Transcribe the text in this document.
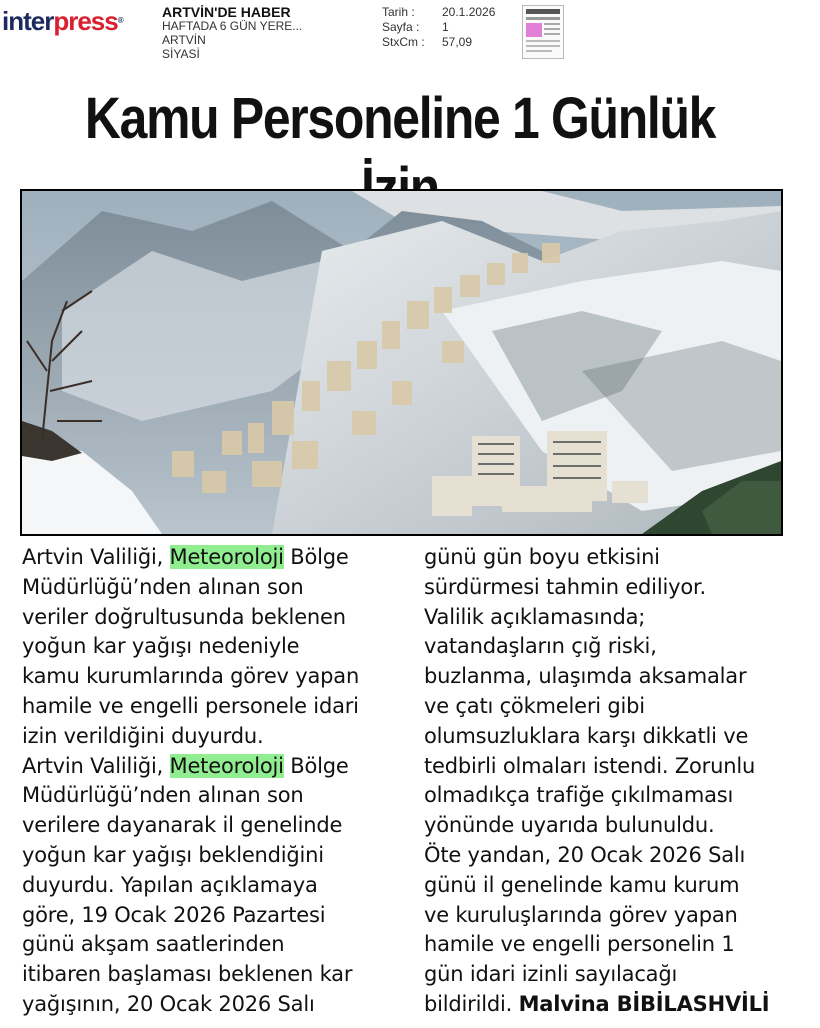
interpress®
ARTVİN'DE HABER
HAFTADA 6 GÜN YERE...
ARTVİN
SİYASİ
Tarih :	20.1.2026
Sayfa :	1
StxCm :	57,09
Kamu Personeline 1 Günlük
Artvin Valiliği, Meteoroloji Bölge
Müdürlüğü’nden alınan son
veriler doğrultusunda beklenen
yoğun kar yağışı nedeniyle
kamu kurumlarında görev yapan
hamile ve engelli personele idari
izin verildiğini duyurdu.
Artvin Valiliği, Meteoroloji Bölge
Müdürlüğü’nden alınan son
verilere dayanarak il genelinde
yoğun kar yağışı beklendiğini
duyurdu. Yapılan açıklamaya
göre, 19 Ocak 2026 Pazartesi
günü akşam saatlerinden
itibaren başlaması beklenen kar
yağışının, 20 Ocak 2026 Salı
günü gün boyu etkisini
sürdürmesi tahmin ediliyor.
Valilik açıklamasında;
vatandaşların çığ riski,
buzlanma, ulaşımda aksamalar
ve çatı çökmeleri gibi
olumsuzluklara karşı dikkatli ve
tedbirli olmaları istendi. Zorunlu
olmadıkça trafiğe çıkılmaması
yönünde uyarıda bulunuldu.
Öte yandan, 20 Ocak 2026 Salı
günü il genelinde kamu kurum
ve kuruluşlarında görev yapan
hamile ve engelli personelin 1
gün idari izinli sayılacağı
bildirildi. Malvina BİBİLASHVİLİ
